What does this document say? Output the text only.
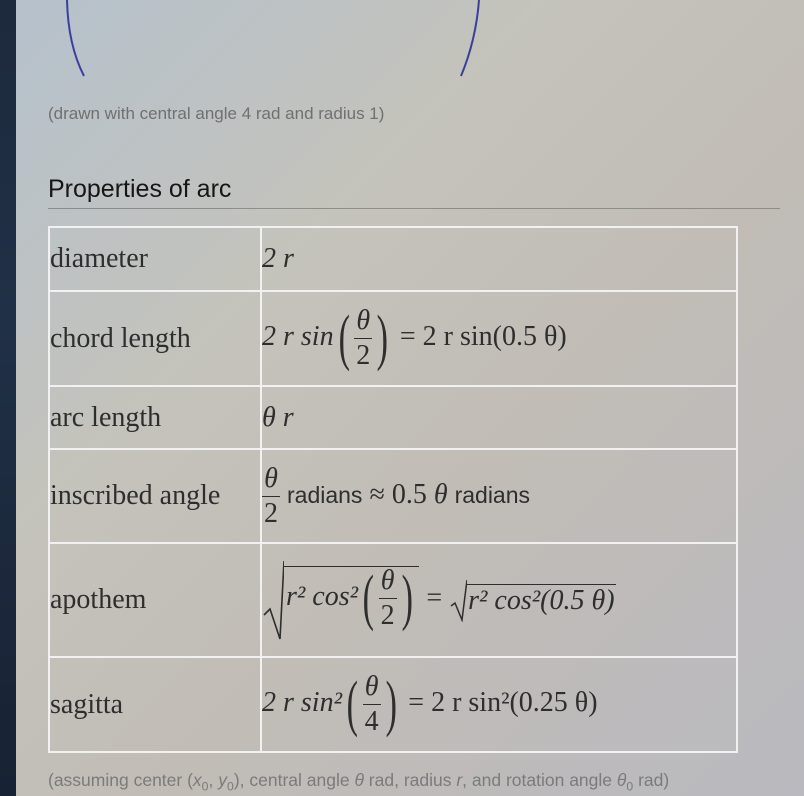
(drawn with central angle 4 rad and radius 1)
Properties of arc
diameter	2 r
chord length	2 r $\sin( \frac{\theta}{2}$ ) = 2 r sin(0.5 θ)
arc length	θ r
inscribed angle	$\frac{\theta}{2}$ radians ≈ 0.5 θ radians
apothem	r² $\cos^2( \frac{\theta}{2}$ ) = r² cos²(0.5 θ)
sagitta	2 r $\sin^2( \frac{\theta}{4}$ ) = 2 r sin²(0.25 θ)
(assuming center ($x_0$, $y_0$), central angle θ rad, radius r, and rotation angle $\theta_0$ rad)
